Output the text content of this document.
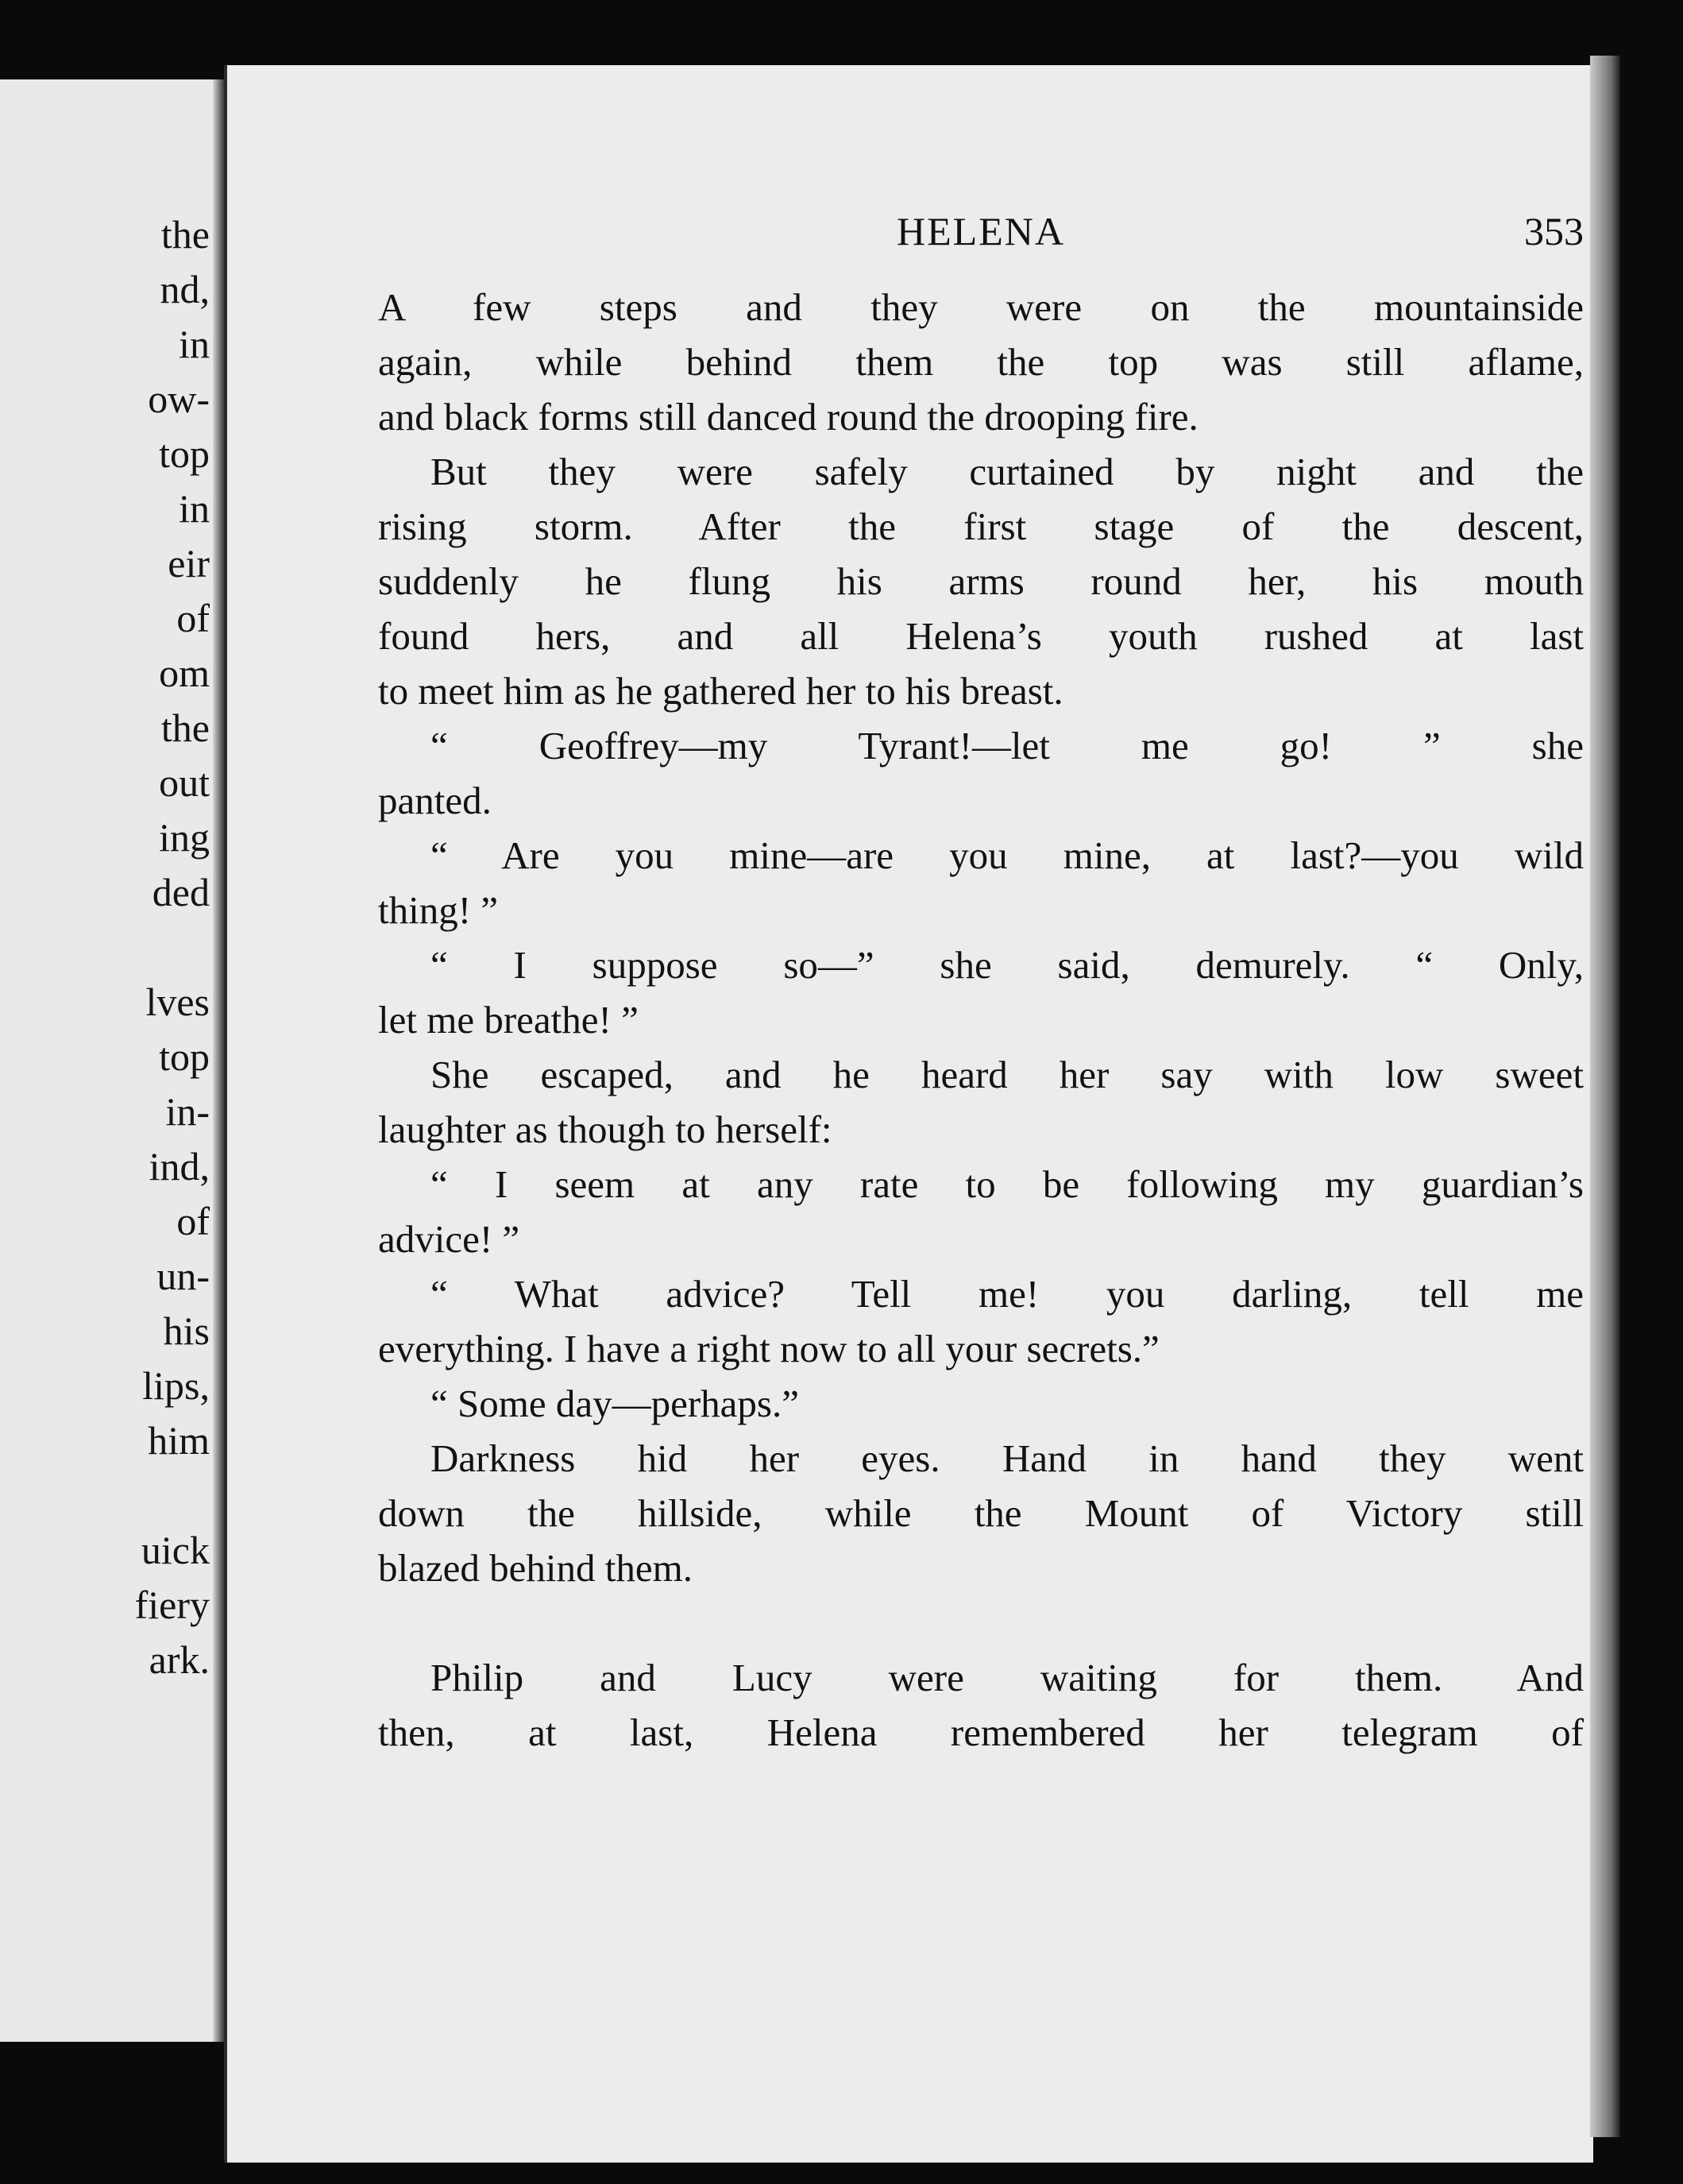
the
nd,
in
ow-
top
in
eir
of
om
the
out
ing
ded
lves
top
in-
ind,
of
un-
his
lips,
him
uick
fiery
ark.
HELENA	353
A few steps and they were on the mountainside
again, while behind them the top was still aflame,
and black forms still danced round the drooping fire.
But they were safely curtained by night and the
rising storm. After the first stage of the descent,
suddenly he flung his arms round her, his mouth
found hers, and all Helena’s youth rushed at last
to meet him as he gathered her to his breast.
“ Geoffrey—my Tyrant!—let me go! ” she
panted.
“ Are you mine—are you mine, at last?—you wild
thing! ”
“ I suppose so—” she said, demurely. “ Only,
let me breathe! ”
She escaped, and he heard her say with low sweet
laughter as though to herself:
“ I seem at any rate to be following my guardian’s
advice! ”
“ What advice? Tell me! you darling, tell me
everything. I have a right now to all your secrets.”
“ Some day—perhaps.”
Darkness hid her eyes. Hand in hand they went
down the hillside, while the Mount of Victory still
blazed behind them.
Philip and Lucy were waiting for them. And
then, at last, Helena remembered her telegram of
